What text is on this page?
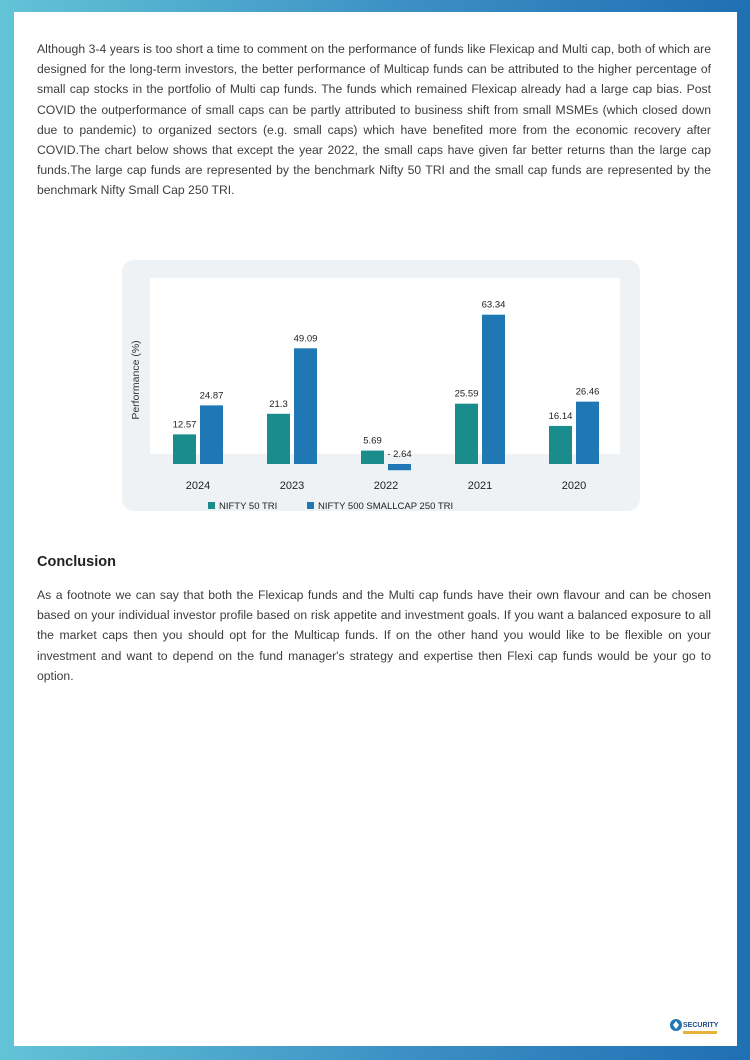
Although 3-4 years is too short a time to comment on the performance of funds like Flexicap and Multi cap, both of which are designed for the long-term investors, the better performance of Multicap funds can be attributed to the higher percentage of small cap stocks in the portfolio of Multi cap funds. The funds which remained Flexicap already had a large cap bias. Post COVID the outperformance of small caps can be partly attributed to business shift from small MSMEs (which closed down due to pandemic) to organized sectors (e.g. small caps) which have benefited more from the economic recovery after COVID.The chart below shows that except the year 2022, the small caps have given far better returns than the large cap funds.The large cap funds are represented by the benchmark Nifty 50 TRI and the small cap funds are represented by the benchmark Nifty Small Cap 250 TRI.

Performance (%)
12.57
24.87
2024
21.3
49.09
2023
5.69
- 2.64
2022
25.59
63.34
2021
16.14
26.46
2020
NIFTY 50 TRI	NIFTY 500 SMALLCAP 250 TRI
Conclusion

As a footnote we can say that both the Flexicap funds and the Multi cap funds have their own flavour and can be chosen based on your individual investor profile based on risk appetite and investment goals. If you want a balanced exposure to all the market caps then you should opt for the Multicap funds. If on the other hand you would like to be flexible on your investment and want to depend on the fund manager's strategy and expertise then Flexi cap funds would be your go to option.

SECURITY
